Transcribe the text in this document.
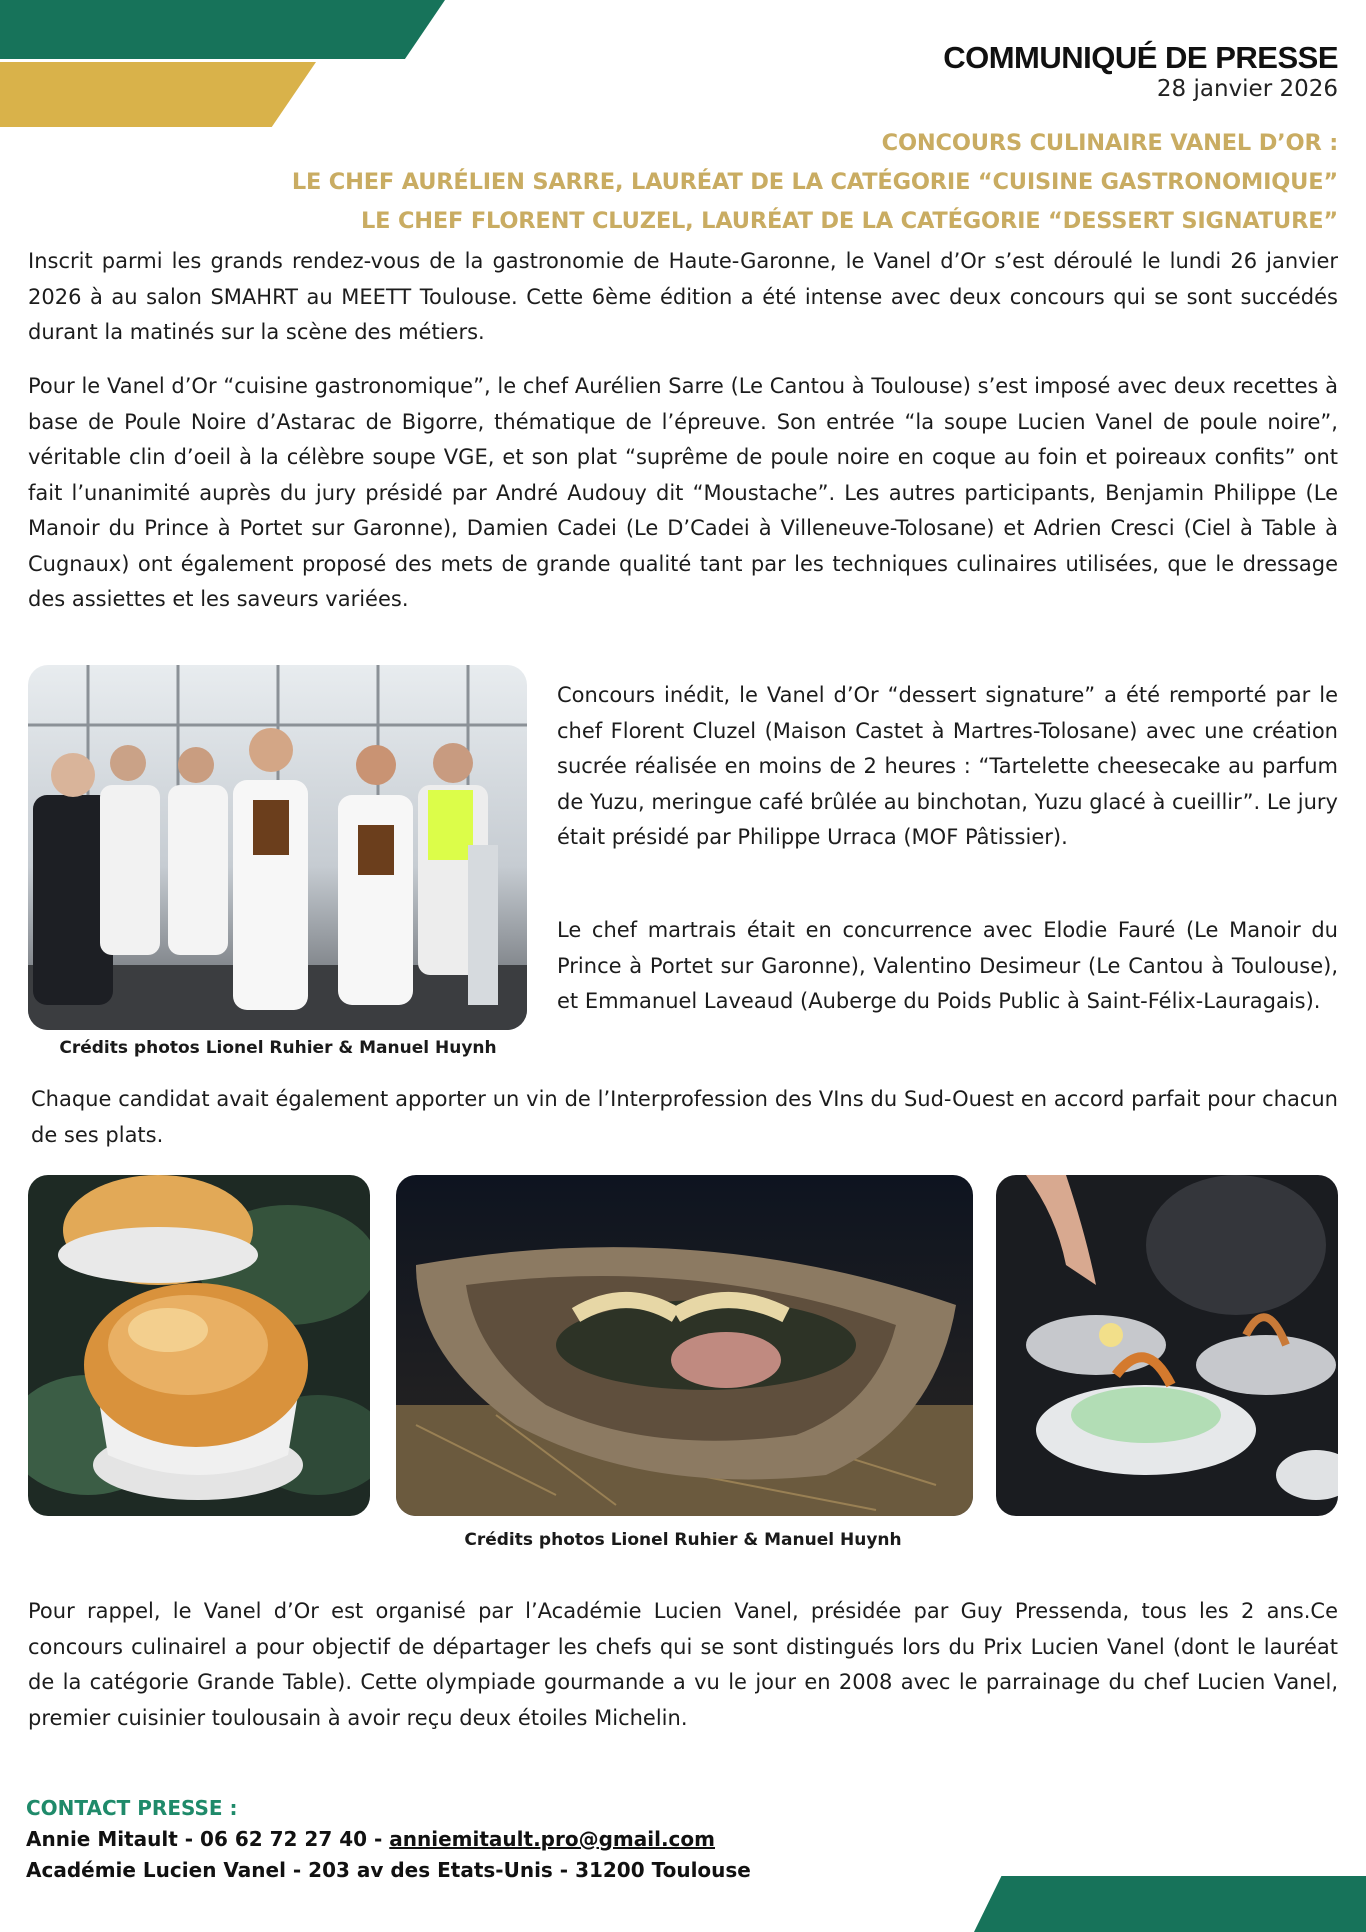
COMMUNIQUÉ DE PRESSE
28 janvier 2026
CONCOURS CULINAIRE VANEL D’OR :
LE CHEF AURÉLIEN SARRE, LAURÉAT DE LA CATÉGORIE “CUISINE GASTRONOMIQUE”
LE CHEF FLORENT CLUZEL, LAURÉAT DE LA CATÉGORIE “DESSERT SIGNATURE”

Inscrit parmi les grands rendez-vous de la gastronomie de Haute-Garonne, le Vanel d’Or s’est déroulé le lundi 26 janvier 2026 à au salon SMAHRT au MEETT Toulouse. Cette 6ème édition a été intense avec deux concours qui se sont succédés durant la matinés sur la scène des métiers.

Pour le Vanel d’Or “cuisine gastronomique”, le chef Aurélien Sarre (Le Cantou à Toulouse) s’est imposé avec deux recettes à base de Poule Noire d’Astarac de Bigorre, thématique de l’épreuve. Son entrée “la soupe Lucien Vanel de poule noire”, véritable clin d’oeil à la célèbre soupe VGE, et son plat “suprême de poule noire en coque au foin et poireaux confits” ont fait l’unanimité auprès du jury présidé par André Audouy dit “Moustache”. Les autres participants, Benjamin Philippe (Le Manoir du Prince à Portet sur Garonne), Damien Cadei (Le D’Cadei à Villeneuve-Tolosane) et Adrien Cresci (Ciel à Table à Cugnaux) ont également proposé des mets de grande qualité tant par les techniques culinaires utilisées, que le dressage des assiettes et les saveurs variées.

Crédits photos Lionel Ruhier & Manuel Huynh

Concours inédit, le Vanel d’Or “dessert signature” a été remporté par le chef Florent Cluzel (Maison Castet à Martres-Tolosane) avec une création sucrée réalisée en moins de 2 heures : “Tartelette cheesecake au parfum de Yuzu, meringue café brûlée au binchotan, Yuzu glacé à cueillir”. Le jury était présidé par Philippe Urraca (MOF Pâtissier).

Le chef martrais était en concurrence avec Elodie Fauré (Le Manoir du Prince à Portet sur Garonne), Valentino Desimeur (Le Cantou à Toulouse), et Emmanuel Laveaud (Auberge du Poids Public à Saint-Félix-Lauragais).

Chaque candidat avait également apporter un vin de l’Interprofession des VIns du Sud-Ouest en accord parfait pour chacun de ses plats.

Crédits photos Lionel Ruhier & Manuel Huynh

Pour rappel, le Vanel d’Or est organisé par l’Académie Lucien Vanel, présidée par Guy Pressenda, tous les 2 ans.Ce concours culinairel a pour objectif de départager les chefs qui se sont distingués lors du Prix Lucien Vanel (dont le lauréat de la catégorie Grande Table). Cette olympiade gourmande a vu le jour en 2008 avec le parrainage du chef Lucien Vanel, premier cuisinier toulousain à avoir reçu deux étoiles Michelin.

CONTACT PRESSE :
Annie Mitault - 06 62 72 27 40 - anniemitault.pro@gmail.com
Académie Lucien Vanel - 203 av des Etats-Unis - 31200 Toulouse
